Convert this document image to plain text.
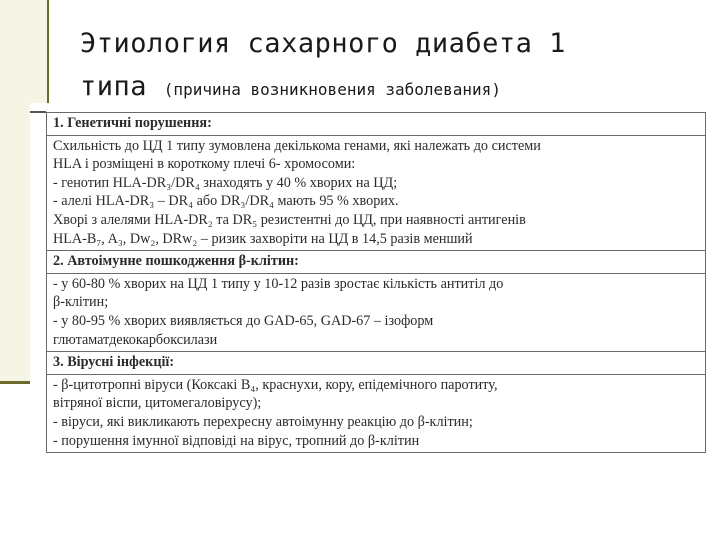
Этиология сахарного диабета 1
типа (причина возникновения заболевания)
1. Генетичні порушення:

Схильність до ЦД 1 типу зумовлена декількома генами, які належать до системи
HLA і розміщені в короткому плечі 6- хромосоми:
- генотип HLA-DR₃/DR₄ знаходять у 40 % хворих на ЦД;
- алелі HLA-DR₃ – DR₄ або DR₃/DR₄ мають 95 % хворих.
Хворі з алелями HLA-DR₂ та DR₅ резистентні до ЦД, при наявності антигенів
HLA-B₇, A₃, Dw₂, DRw₂ – ризик захворіти на ЦД в 14,5 разів менший

2. Автоімунне пошкодження β-клітин:

- у 60-80 % хворих на ЦД 1 типу у 10-12 разів зростає кількість антитіл до
β-клітин;
- у 80-95 % хворих виявляється до GAD-65, GAD-67 – ізоформ
глютаматдекокарбоксилази

3. Вірусні інфекції:

- β-цитотропні віруси (Коксакі В₄, краснухи, кору, епідемічного паротиту,
вітряної віспи, цитомегаловірусу);
- віруси, які викликають перехресну автоімунну реакцію до β-клітин;
- порушення імунної відповіді на вірус, тропний до β-клітин
